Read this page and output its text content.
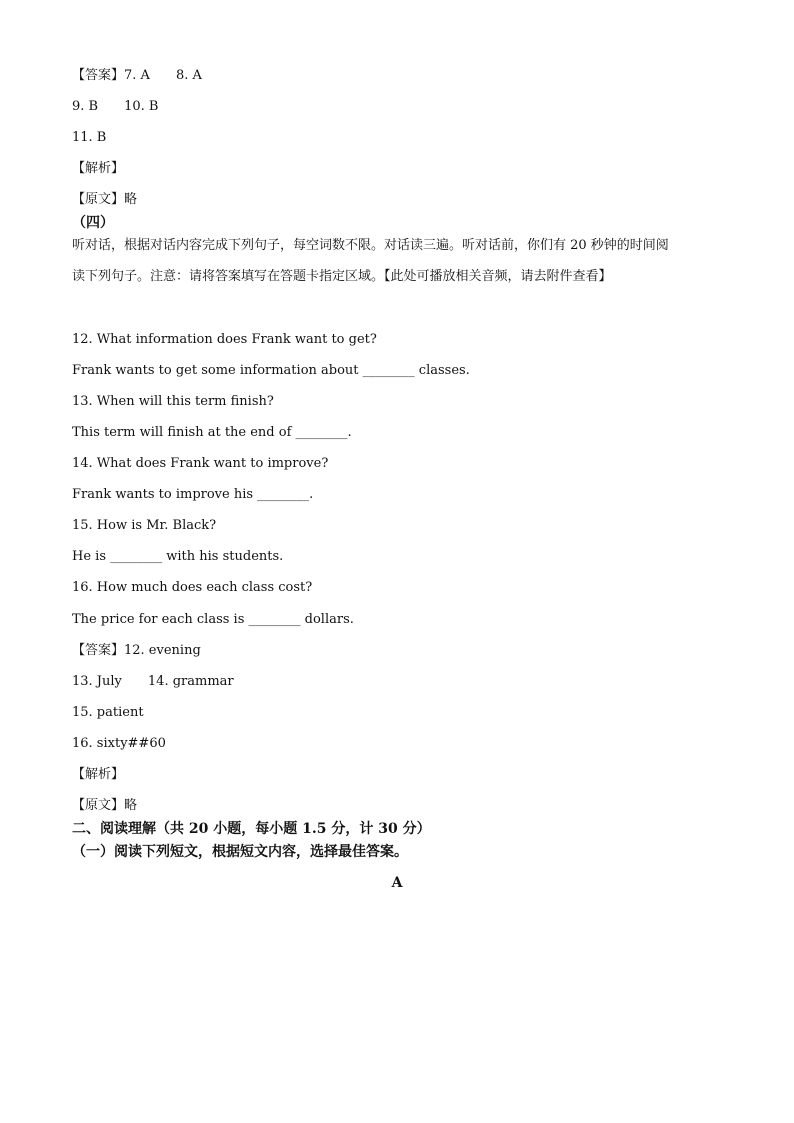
【答案】7. A 8. A
9. B 10. B
11. B
【解析】
【原文】略
（四）
听对话，根据对话内容完成下列句子，每空词数不限。对话读三遍。听对话前，你们有 20 秒钟的时间阅
读下列句子。注意：请将答案填写在答题卡指定区域。【此处可播放相关音频，请去附件查看】
12. What information does Frank want to get?
Frank wants to get some information about ________ classes.
13. When will this term finish?
This term will finish at the end of ________.
14. What does Frank want to improve?
Frank wants to improve his ________.
15. How is Mr. Black?
He is ________ with his students.
16. How much does each class cost?
The price for each class is ________ dollars.
【答案】12. evening
13. July 14. grammar
15. patient
16. sixty##60
【解析】
【原文】略
二、阅读理解（共 20 小题，每小题 1.5 分，计 30 分）
（一）阅读下列短文，根据短文内容，选择最佳答案。
A
